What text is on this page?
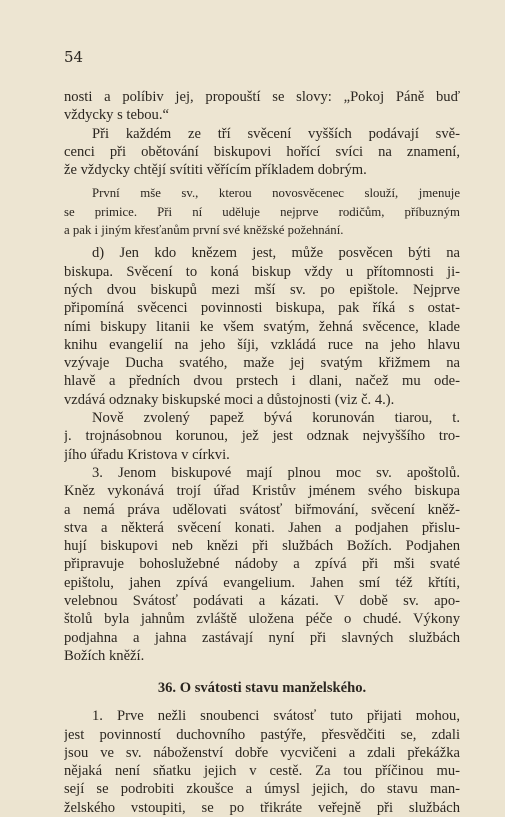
54
nosti a políbiv jej, propouští se slovy: „Pokoj Páně buď
vždycky s tebou.“
Při každém ze tří svěcení vyšších podávají svě-
cenci při obětování biskupovi hořící svíci na znamení,
že vždycky chtějí svítiti věřícím příkladem dobrým.
První mše sv., kterou novosvěcenec slouží, jmenuje
se primice. Při ní uděluje nejprve rodičům, příbuzným
a pak i jiným křesťanům první své kněžské požehnání.
d) Jen kdo knězem jest, může posvěcen býti na
biskupa. Svěcení to koná biskup vždy u přítomnosti ji-
ných dvou biskupů mezi mší sv. po epištole. Nejprve
připomíná svěcenci povinnosti biskupa, pak říká s ostat-
ními biskupy litanii ke všem svatým, žehná svěcence, klade
knihu evangelií na jeho šíji, vzkládá ruce na jeho hlavu
vzývaje Ducha svatého, maže jej svatým křižmem na
hlavě a předních dvou prstech i dlani, načež mu ode-
vzdává odznaky biskupské moci a důstojnosti (viz č. 4.).
Nově zvolený papež bývá korunován tiarou, t.
j. trojnásobnou korunou, jež jest odznak nejvyššího tro-
jího úřadu Kristova v církvi.
3. Jenom biskupové mají plnou moc sv. apoštolů.
Kněz vykonává trojí úřad Kristův jménem svého biskupa
a nemá práva udělovati svátosť biřmování, svěcení kněž-
stva a některá svěcení konati. Jahen a podjahen přislu-
hují biskupovi neb knězi při službách Božích. Podjahen
připravuje bohoslužebné nádoby a zpívá při mši svaté
epištolu, jahen zpívá evangelium. Jahen smí též křtíti,
velebnou Svátosť podávati a kázati. V době sv. apo-
štolů byla jahnům zvláště uložena péče o chudé. Výkony
podjahna a jahna zastávají nyní při slavných službách
Božích kněží.
36. O svátosti stavu manželského.
1. Prve nežli snoubenci svátosť tuto přijati mohou,
jest povinností duchovního pastýře, přesvědčiti se, zdali
jsou ve sv. náboženství dobře vycvičeni a zdali překážka
nějaká není sňatku jejich v cestě. Za tou příčinou mu-
sejí se podrobiti zkoušce a úmysl jejich, do stavu man-
želského vstoupiti, se po třikráte veřejně při službách
